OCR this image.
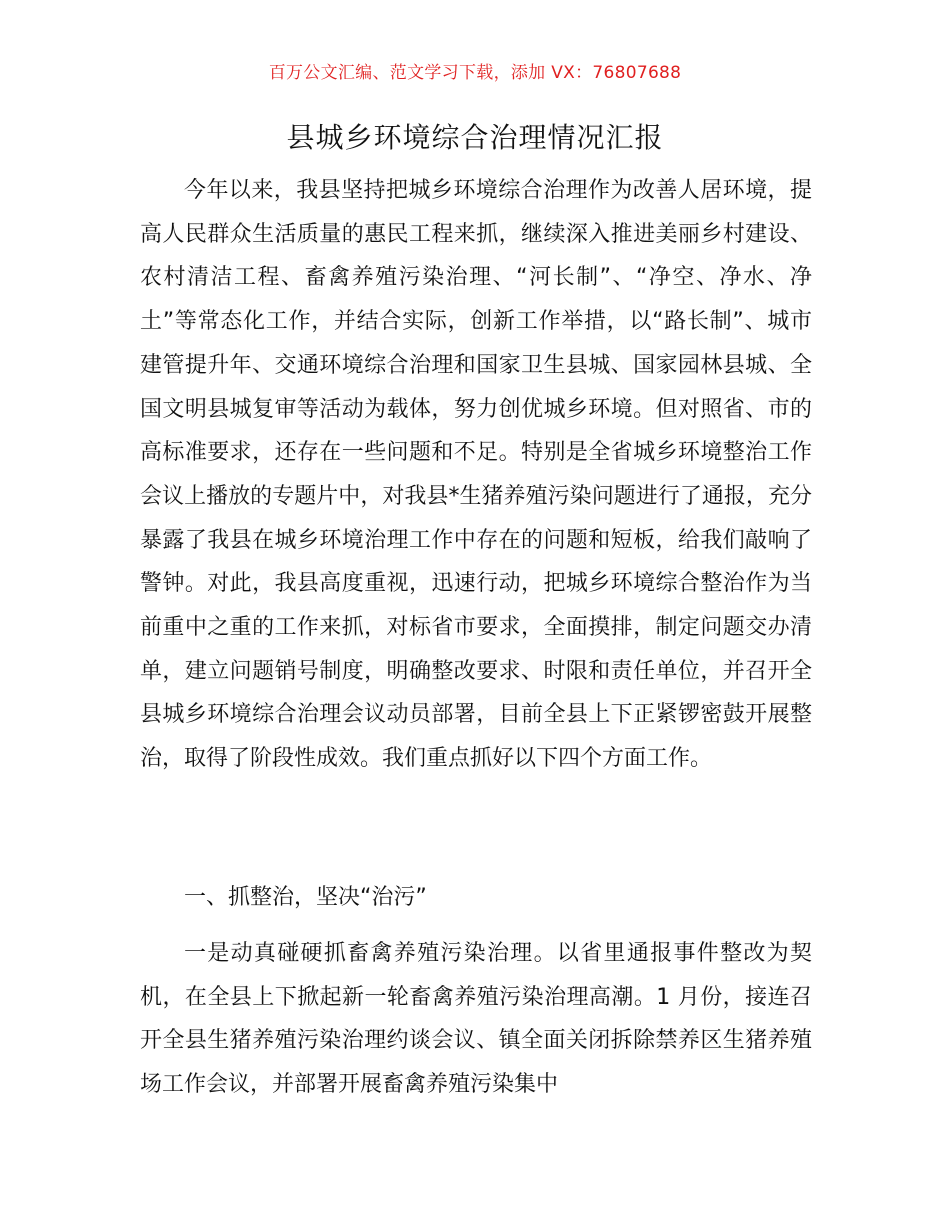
百万公文汇编、范文学习下载，添加 VX：76807688
县城乡环境综合治理情况汇报

今年以来，我县坚持把城乡环境综合治理作为改善人居环境，提高人民群众生活质量的惠民工程来抓，继续深入推进美丽乡村建设、农村清洁工程、畜禽养殖污染治理、“河长制”、“净空、净水、净土”等常态化工作，并结合实际，创新工作举措，以“路长制”、城市建管提升年、交通环境综合治理和国家卫生县城、国家园林县城、全国文明县城复审等活动为载体，努力创优城乡环境。但对照省、市的高标准要求，还存在一些问题和不足。特别是全省城乡环境整治工作会议上播放的专题片中，对我县*生猪养殖污染问题进行了通报，充分暴露了我县在城乡环境治理工作中存在的问题和短板，给我们敲响了警钟。对此，我县高度重视，迅速行动，把城乡环境综合整治作为当前重中之重的工作来抓，对标省市要求，全面摸排，制定问题交办清单，建立问题销号制度，明确整改要求、时限和责任单位，并召开全县城乡环境综合治理会议动员部署，目前全县上下正紧锣密鼓开展整治，取得了阶段性成效。我们重点抓好以下四个方面工作。

一、抓整治，坚决“治污”

一是动真碰硬抓畜禽养殖污染治理。以省里通报事件整改为契机，在全县上下掀起新一轮畜禽养殖污染治理高潮。1 月份，接连召开全县生猪养殖污染治理约谈会议、镇全面关闭拆除禁养区生猪养殖场工作会议，并部署开展畜禽养殖污染集中
